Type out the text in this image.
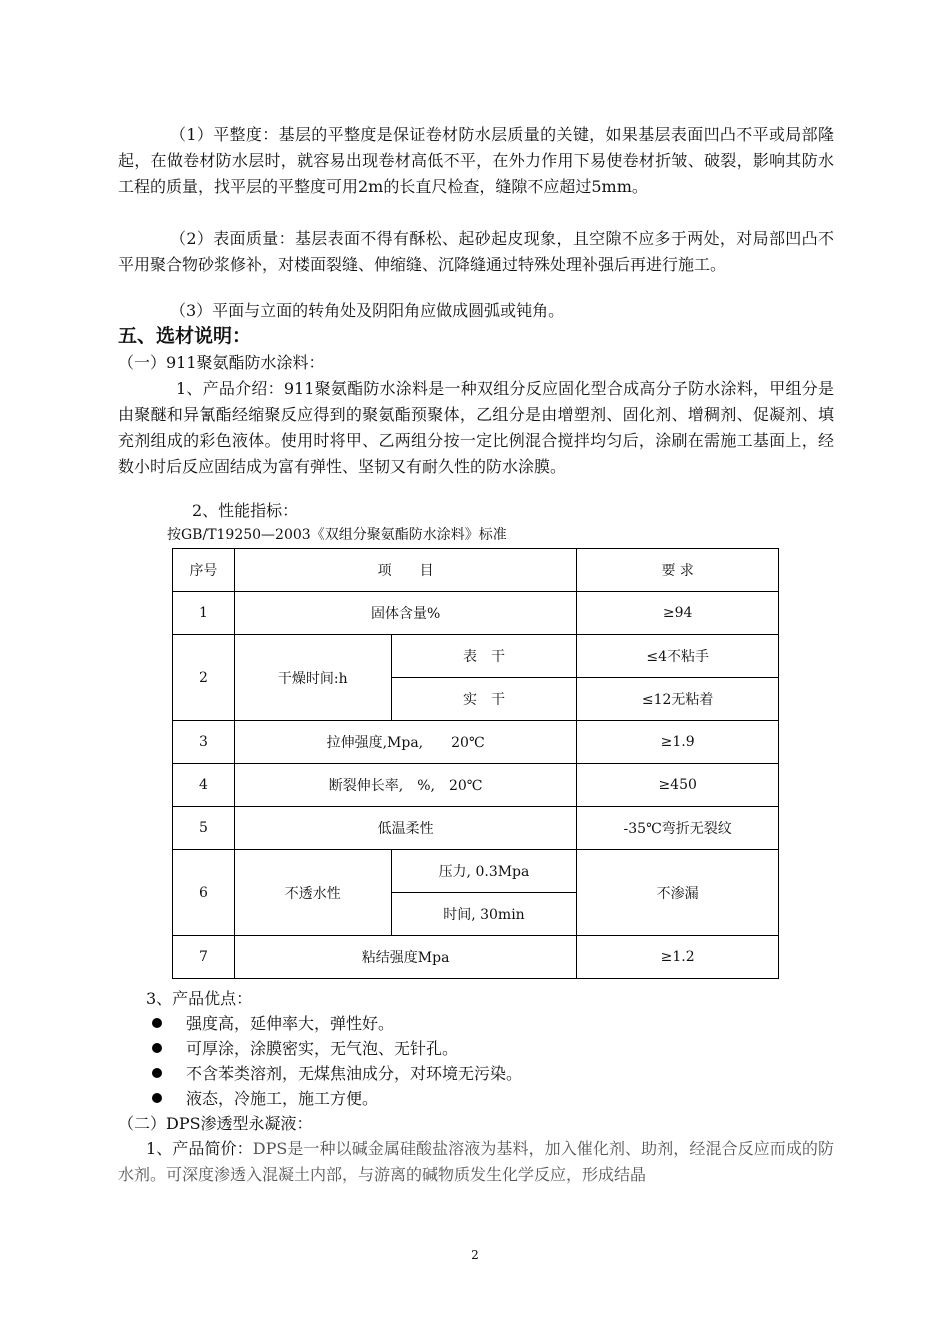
（1）平整度：基层的平整度是保证卷材防水层质量的关键，如果基层表面凹凸不平或局部隆起，在做卷材防水层时，就容易出现卷材高低不平，在外力作用下易使卷材折皱、破裂，影响其防水工程的质量，找平层的平整度可用2m的长直尺检查，缝隙不应超过5mm。
（2）表面质量：基层表面不得有酥松、起砂起皮现象，且空隙不应多于两处，对局部凹凸不平用聚合物砂浆修补，对楼面裂缝、伸缩缝、沉降缝通过特殊处理补强后再进行施工。
（3）平面与立面的转角处及阴阳角应做成圆弧或钝角。
五、选材说明：
（一）911聚氨酯防水涂料：
1、产品介绍：911聚氨酯防水涂料是一种双组分反应固化型合成高分子防水涂料，甲组分是由聚醚和异氰酯经缩聚反应得到的聚氨酯预聚体，乙组分是由增塑剂、固化剂、增稠剂、促凝剂、填充剂组成的彩色液体。使用时将甲、乙两组分按一定比例混合搅拌均匀后，涂刷在需施工基面上，经数小时后反应固结成为富有弹性、坚韧又有耐久性的防水涂膜。
2、性能指标：
按GB/T19250—2003《双组分聚氨酯防水涂料》标准
序号	项　　目		要 求
1	固体含量%		≥94
2	干燥时间:h	表　干	≤4不粘手
		实　干	≤12无粘着
3	拉伸强度,Mpa,　　20℃		≥1.9
4	断裂伸长率,　%,　20℃		≥450
5	低温柔性		-35℃弯折无裂纹
6	不透水性	压力, 0.3Mpa	不渗漏
		时间, 30min	
7	粘结强度Mpa		≥1.2
3、产品优点：
强度高，延伸率大，弹性好。
可厚涂，涂膜密实，无气泡、无针孔。
不含苯类溶剂，无煤焦油成分，对环境无污染。
液态，冷施工，施工方便。
（二）DPS渗透型永凝液：
1、产品简价：DPS是一种以碱金属硅酸盐溶液为基料，加入催化剂、助剂，经混合反应而成的防水剂。可深度渗透入混凝土内部，与游离的碱物质发生化学反应，形成结晶
2
